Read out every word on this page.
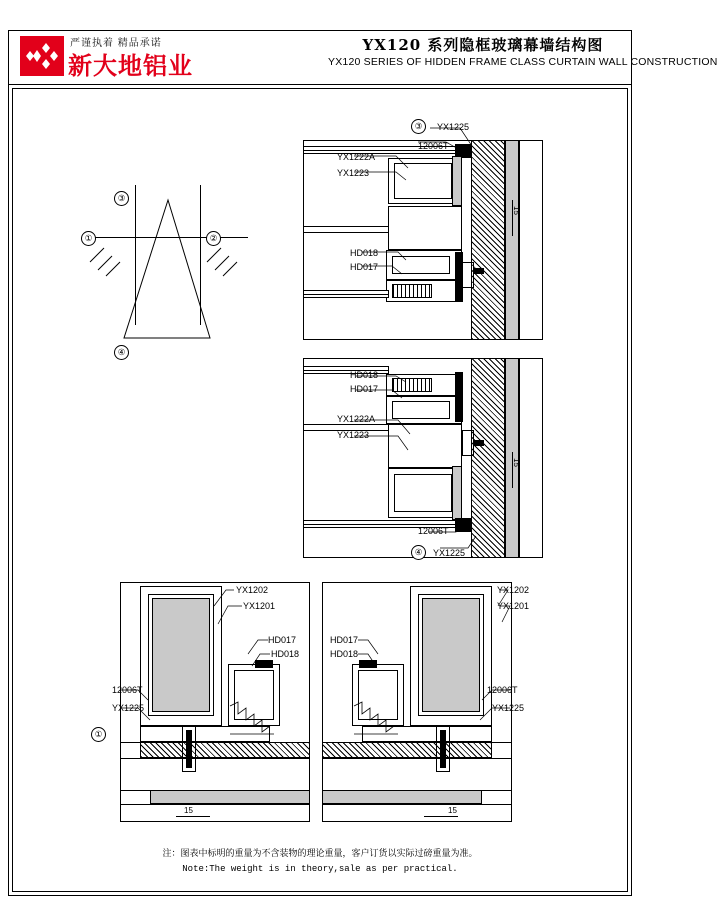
严谨执着 精品承诺
新大地铝业
YX120 系列隐框玻璃幕墙结构图
YX120 SERIES OF HIDDEN FRAME CLASS CURTAIN WALL CONSTRUCTION
③
①	②
④
15
③	YX1225
12006T
YX1222A
YX1223
HD018
HD017
15
HD018
HD017
YX1222A
YX1223
12006T
④	YX1225
15
YX1202
YX1201
HD017
HD018
12006T
YX1225
①
15
YX1202
YX1201
HD017
HD018
12006T
YX1225
注：图表中标明的重量为不含装物的理论重量，客户订货以实际过磅重量为准。
Note:The weight is in theory,sale as per practical.
